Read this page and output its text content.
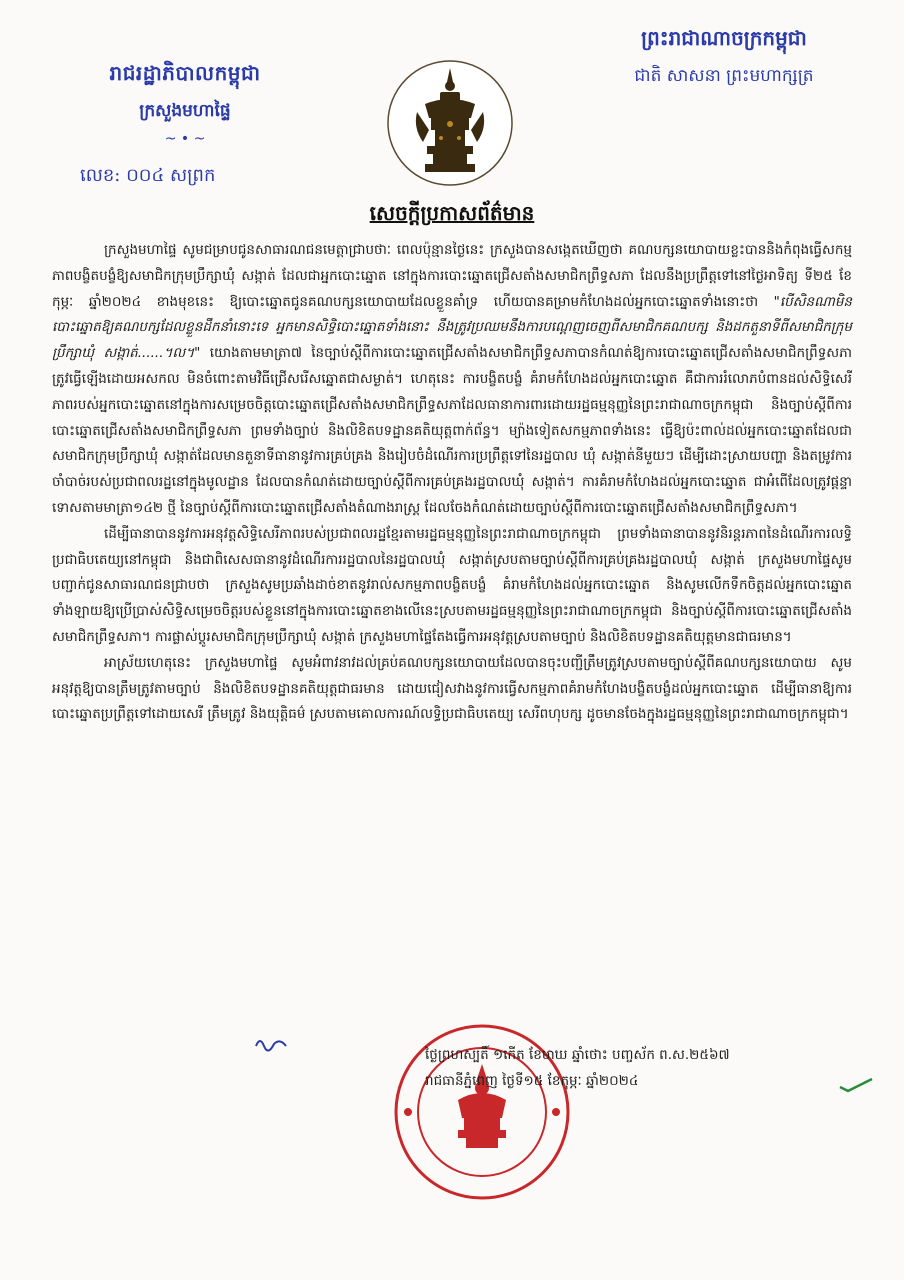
រាជរដ្ឋាភិបាលកម្ពុជា
ក្រសួងមហាផ្ទៃ
~ • ~
លេខ: ០០៤ សព្រក
ព្រះរាជាណាចក្រកម្ពុជា
ជាតិ សាសនា ព្រះមហាក្សត្រ
សេចក្តីប្រកាសព័ត៌មាន

ក្រសួងមហាផ្ទៃ សូមជម្រាបជូនសាធារណជនមេត្តាជ្រាបថាៈ ពេលប៉ុន្មានថ្ងៃនេះ ក្រសួងបានសង្កេតឃើញថា គណបក្សនយោបាយខ្លះបាននិងកំពុងធ្វើសកម្មភាពបង្ខិតបង្ខំឱ្យសមាជិកក្រុមប្រឹក្សាឃុំ សង្កាត់ ដែលជាអ្នកបោះឆ្នោត នៅក្នុងការបោះឆ្នោតជ្រើសតាំងសមាជិកព្រឹទ្ធសភា ដែលនឹងប្រព្រឹត្តទៅនៅថ្ងៃអាទិត្យ ទី២៥ ខែកុម្ភៈ ឆ្នាំ២០២៤ ខាងមុខនេះ ឱ្យបោះឆ្នោតជូនគណបក្សនយោបាយដែលខ្លួនគាំទ្រ ហើយបានគម្រាមកំហែងដល់អ្នកបោះឆ្នោតទាំងនោះថា "បើសិនណាមិនបោះឆ្នោតឱ្យគណបក្សដែលខ្លួនដឹកនាំនោះទេ អ្នកមានសិទ្ធិបោះឆ្នោតទាំងនោះ នឹងត្រូវប្រឈមនឹងការបណ្តេញចេញពីសមាជិកគណបក្ស និងដកតួនាទីពីសមាជិកក្រុមប្រឹក្សាឃុំ សង្កាត់......។ល។" យោងតាមមាត្រា៧ នៃច្បាប់ស្តីពីការបោះឆ្នោតជ្រើសតាំងសមាជិកព្រឹទ្ធសភាបានកំណត់ឱ្យការបោះឆ្នោតជ្រើសតាំងសមាជិកព្រឹទ្ធសភា ត្រូវធ្វើឡើងដោយអសកល មិនចំពោះតាមវិធីជ្រើសរើសឆ្នោតជាសម្ងាត់។ ហេតុនេះ ការបង្ខិតបង្ខំ គំរាមកំហែងដល់អ្នកបោះឆ្នោត គឺជាការរំលោភបំពានដល់សិទ្ធិសេរីភាពរបស់អ្នកបោះឆ្នោតនៅក្នុងការសម្រេចចិត្តបោះឆ្នោតជ្រើសតាំងសមាជិកព្រឹទ្ធសភាដែលធានាការពារដោយរដ្ឋធម្មនុញ្ញនៃព្រះរាជាណាចក្រកម្ពុជា និងច្បាប់ស្តីពីការបោះឆ្នោតជ្រើសតាំងសមាជិកព្រឹទ្ធសភា ព្រមទាំងច្បាប់ និងលិខិតបទដ្ឋានគតិយុត្តពាក់ព័ន្ធ។ ម្យ៉ាងទៀតសកម្មភាពទាំងនេះ ធ្វើឱ្យប៉ះពាល់ដល់អ្នកបោះឆ្នោតដែលជាសមាជិកក្រុមប្រឹក្សាឃុំ សង្កាត់ដែលមានតួនាទីធានានូវការគ្រប់គ្រង និងរៀបចំដំណើរការប្រព្រឹត្តទៅនៃរដ្ឋបាល ឃុំ សង្កាត់នីមួយៗ ដើម្បីដោះស្រាយបញ្ហា និងតម្រូវការចាំបាច់របស់ប្រជាពលរដ្ឋនៅក្នុងមូលដ្ឋាន ដែលបានកំណត់ដោយច្បាប់ស្តីពីការគ្រប់គ្រងរដ្ឋបាលឃុំ សង្កាត់។ ការគំរាមកំហែងដល់អ្នកបោះឆ្នោត ជាអំពើដែលត្រូវផ្តន្ទាទោសតាមមាត្រា១៤២ ថ្មី នៃច្បាប់ស្តីពីការបោះឆ្នោតជ្រើសតាំងតំណាងរាស្ត្រ ដែលចែងកំណត់ដោយច្បាប់ស្តីពីការបោះឆ្នោតជ្រើសតាំងសមាជិកព្រឹទ្ធសភា។

ដើម្បីធានាបាននូវការអនុវត្តសិទ្ធិសេរីភាពរបស់ប្រជាពលរដ្ឋខ្មែរតាមរដ្ឋធម្មនុញ្ញនៃព្រះរាជាណាចក្រកម្ពុជា ព្រមទាំងធានាបាននូវនិរន្តរភាពនៃដំណើរការលទ្ធិប្រជាធិបតេយ្យនៅកម្ពុជា និងជាពិសេសធានានូវដំណើរការរដ្ឋបាលនៃរដ្ឋបាលឃុំ សង្កាត់ស្របតាមច្បាប់ស្តីពីការគ្រប់គ្រងរដ្ឋបាលឃុំ សង្កាត់ ក្រសួងមហាផ្ទៃសូមបញ្ជាក់ជូនសាធារណជនជ្រាបថា ក្រសួងសូមប្រឆាំងដាច់ខាតនូវរាល់សកម្មភាពបង្ខិតបង្ខំ គំរាមកំហែងដល់អ្នកបោះឆ្នោត និងសូមលើកទឹកចិត្តដល់អ្នកបោះឆ្នោតទាំងឡាយឱ្យប្រើប្រាស់សិទ្ធិសម្រេចចិត្តរបស់ខ្លួននៅក្នុងការបោះឆ្នោតខាងលើនេះស្របតាមរដ្ឋធម្មនុញ្ញនៃព្រះរាជាណាចក្រកម្ពុជា និងច្បាប់ស្តីពីការបោះឆ្នោតជ្រើសតាំងសមាជិកព្រឹទ្ធសភា។ ការផ្លាស់ប្តូរសមាជិកក្រុមប្រឹក្សាឃុំ សង្កាត់ ក្រសួងមហាផ្ទៃតែងធ្វើការអនុវត្តស្របតាមច្បាប់ និងលិខិតបទដ្ឋានគតិយុត្តមានជាធរមាន។

អាស្រ័យហេតុនេះ ក្រសួងមហាផ្ទៃ សូមអំពាវនាវដល់គ្រប់គណបក្សនយោបាយដែលបានចុះបញ្ជីត្រឹមត្រូវស្របតាមច្បាប់ស្តីពីគណបក្សនយោបាយ សូមអនុវត្តឱ្យបានត្រឹមត្រូវតាមច្បាប់ និងលិខិតបទដ្ឋានគតិយុត្តជាធរមាន ដោយជៀសវាងនូវការធ្វើសកម្មភាពគំរាមកំហែងបង្ខិតបង្ខំដល់អ្នកបោះឆ្នោត ដើម្បីធានាឱ្យការបោះឆ្នោតប្រព្រឹត្តទៅដោយសេរី ត្រឹមត្រូវ និងយុត្តិធម៌ ស្របតាមគោលការណ៍លទ្ធិប្រជាធិបតេយ្យ សេរីពហុបក្ស ដូចមានចែងក្នុងរដ្ឋធម្មនុញ្ញនៃព្រះរាជាណាចក្រកម្ពុជា។

ថ្ងៃព្រហស្បតិ៍ ១កើត ខែមាឃ ឆ្នាំថោះ បញ្ចស័ក ព.ស.២៥៦៧
រាជធានីភ្នំពេញ ថ្ងៃទី១៥ ខែកុម្ភៈ ឆ្នាំ២០២៤
